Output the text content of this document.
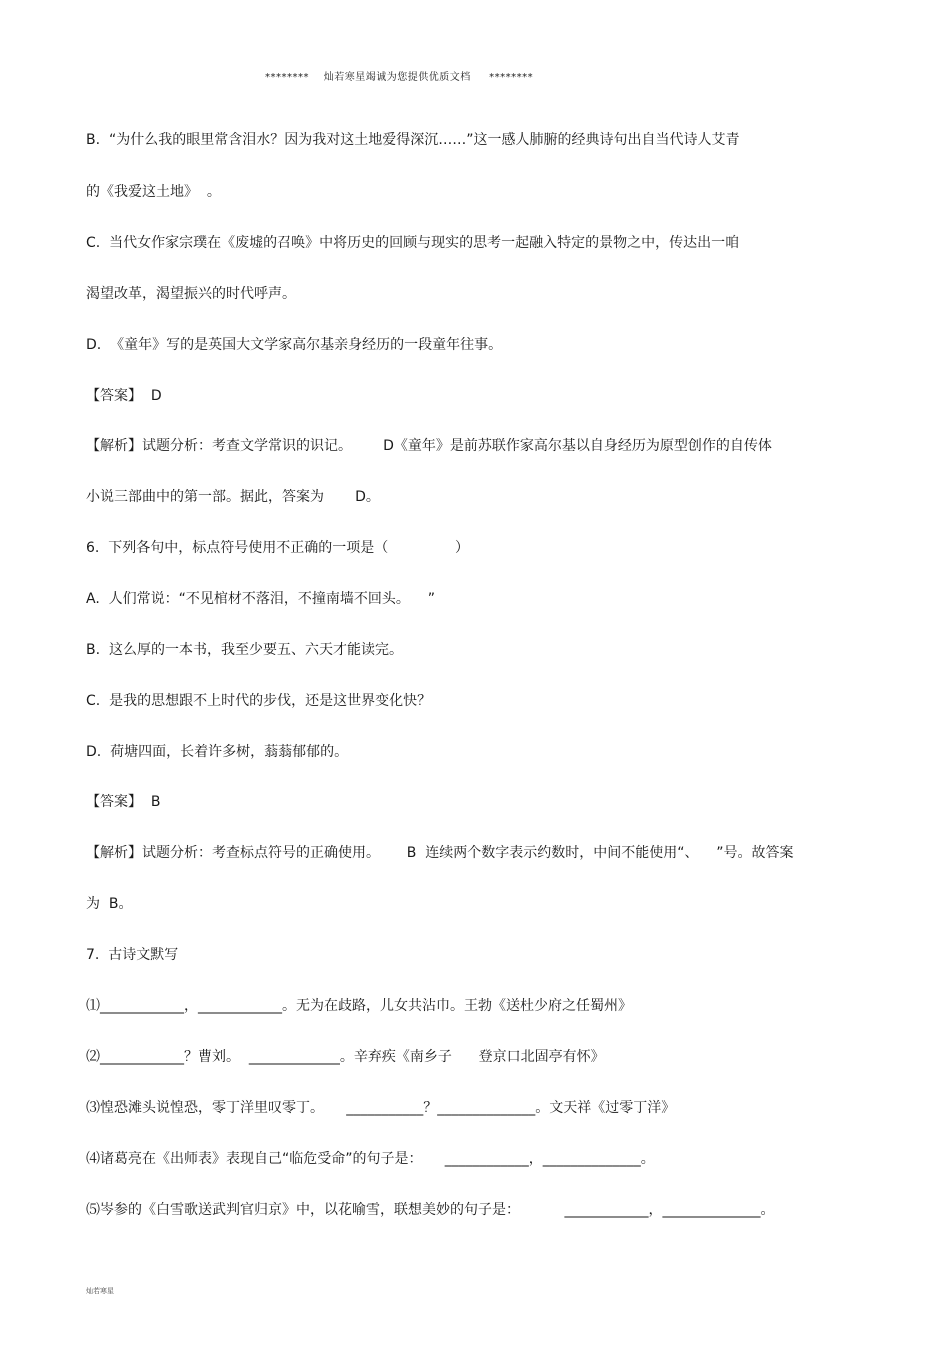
********    灿若寒星竭诚为您提供优质文档     ********
B.  “为什么我的眼里常含泪水？因为我对这土地爱得深沉……”这一感人肺腑的经典诗句出自当代诗人艾青
的《我爱这土地》  。
C.  当代女作家宗璞在《废墟的召唤》中将历史的回顾与现实的思考一起融入特定的景物之中，传达出一咱
渴望改革，渴望振兴的时代呼声。
D.  《童年》写的是英国大文学家高尔基亲身经历的一段童年往事。
【答案】  D
【解析】试题分析：考查文学常识的识记。       D《童年》是前苏联作家高尔基以自身经历为原型创作的自传体
小说三部曲中的第一部。据此，答案为       D。
6.  下列各句中，标点符号使用不正确的一项是（               ）
A.  人们常说：“不见棺材不落泪，不撞南墙不回头。    ”
B.  这么厚的一本书，我至少要五、六天才能读完。
C.  是我的思想跟不上时代的步伐，还是这世界变化快？
D.  荷塘四面，长着许多树，蓊蓊郁郁的。
【答案】  B
【解析】试题分析：考查标点符号的正确使用。      B  连续两个数字表示约数时，中间不能使用“、    ”号。故答案
为  B。
7.  古诗文默写
⑴____________，____________。无为在歧路，儿女共沾巾。王勃《送杜少府之任蜀州》
⑵____________？曹刘。  _____________。辛弃疾《南乡子      登京口北固亭有怀》
⑶惶恐滩头说惶恐，零丁洋里叹零丁。     ___________？______________。文天祥《过零丁洋》
⑷诸葛亮在《出师表》表现自己“临危受命”的句子是：     ____________，______________。
⑸岑参的《白雪歌送武判官归京》中，以花喻雪，联想美妙的句子是：          ____________，______________。
灿若寒星
